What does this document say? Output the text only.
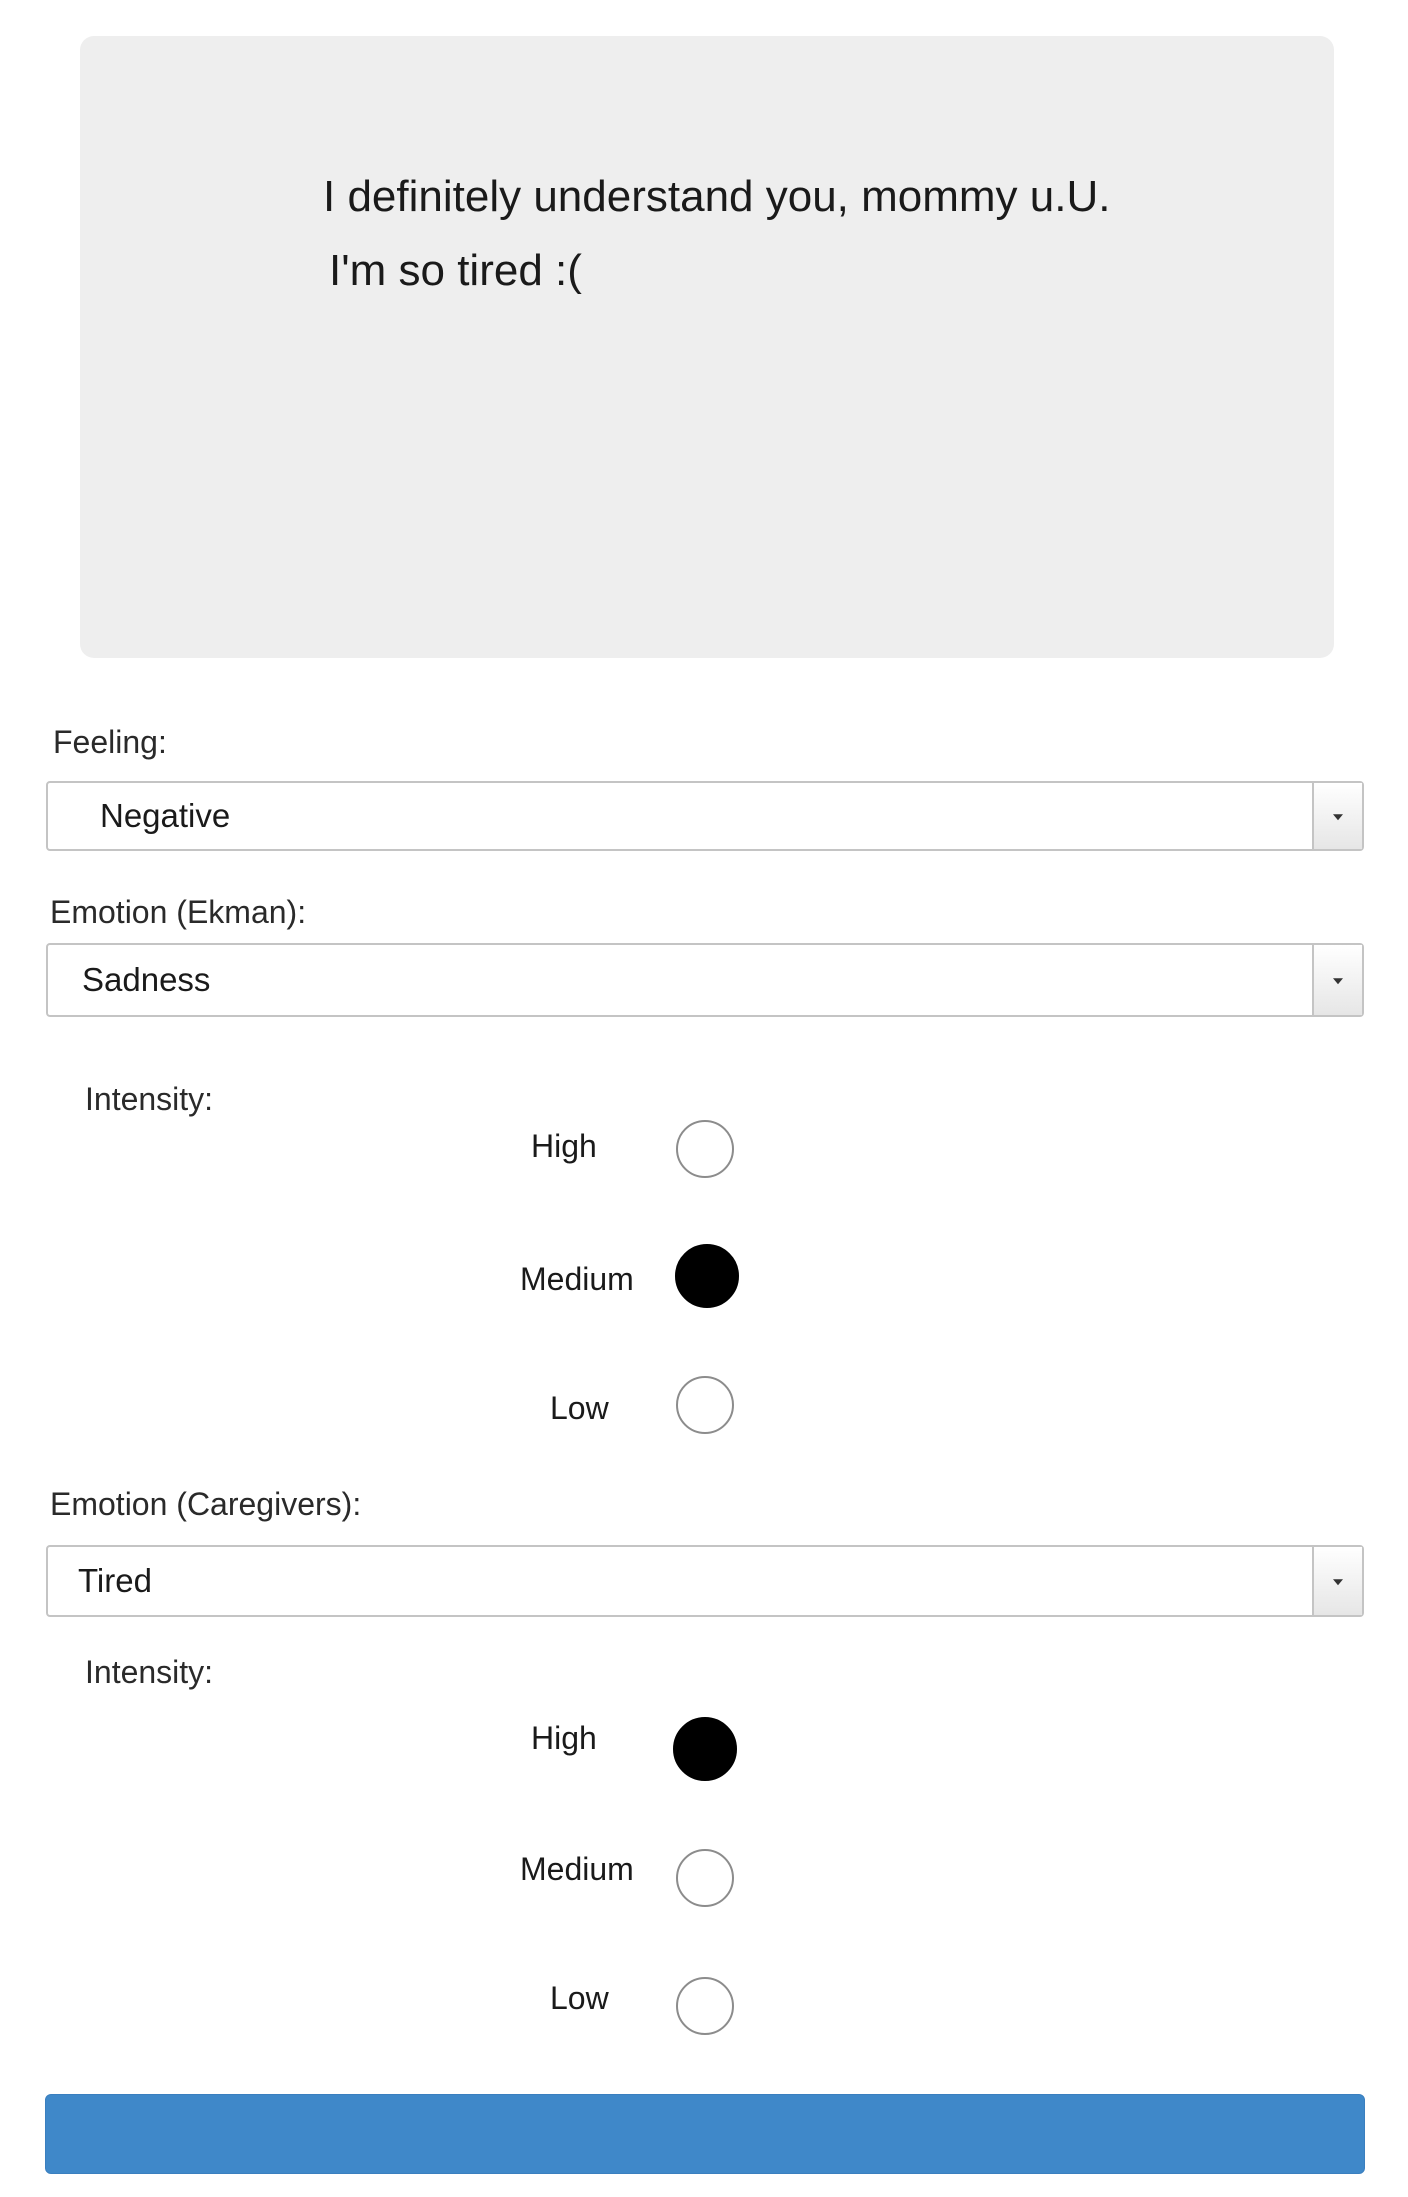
I definitely understand you, mommy u.U.
I'm so tired :(
Feeling:
Negative
Emotion (Ekman):
Sadness
Intensity:
High
Medium
Low
Emotion (Caregivers):
Tired
Intensity:
High
Medium
Low
